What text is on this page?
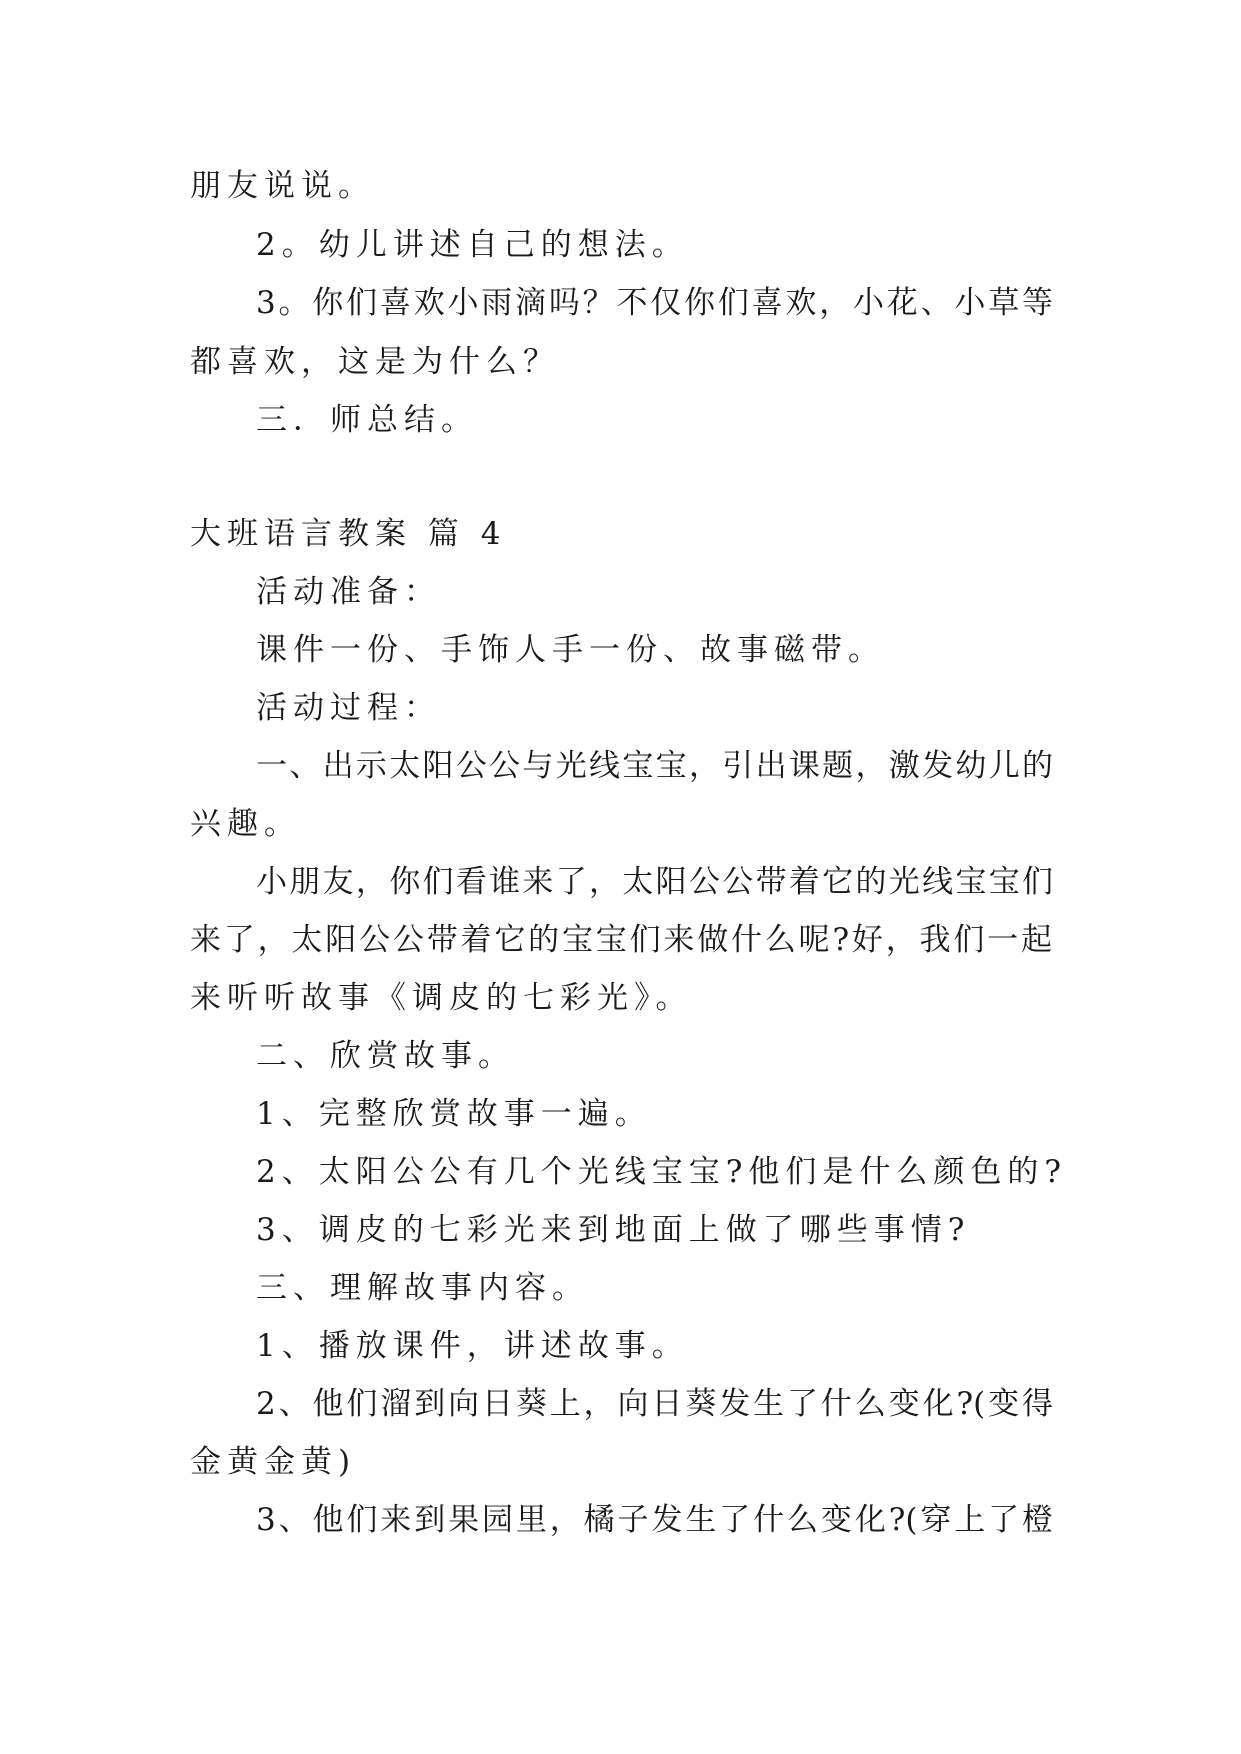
朋友说说。
2。幼儿讲述自己的想法。
3。你们喜欢小雨滴吗？不仅你们喜欢，小花、小草等
都喜欢，这是为什么？
三．师总结。
大班语言教案 篇 4
活动准备：
课件一份、手饰人手一份、故事磁带。
活动过程：
一、出示太阳公公与光线宝宝，引出课题，激发幼儿的
兴趣。
小朋友，你们看谁来了，太阳公公带着它的光线宝宝们
来了，太阳公公带着它的宝宝们来做什么呢?好，我们一起
来听听故事《调皮的七彩光》。
二、欣赏故事。
1、完整欣赏故事一遍。
2、太阳公公有几个光线宝宝?他们是什么颜色的?
3、调皮的七彩光来到地面上做了哪些事情?
三、理解故事内容。
1、播放课件，讲述故事。
2、他们溜到向日葵上，向日葵发生了什么变化?(变得
金黄金黄)
3、他们来到果园里，橘子发生了什么变化?(穿上了橙
